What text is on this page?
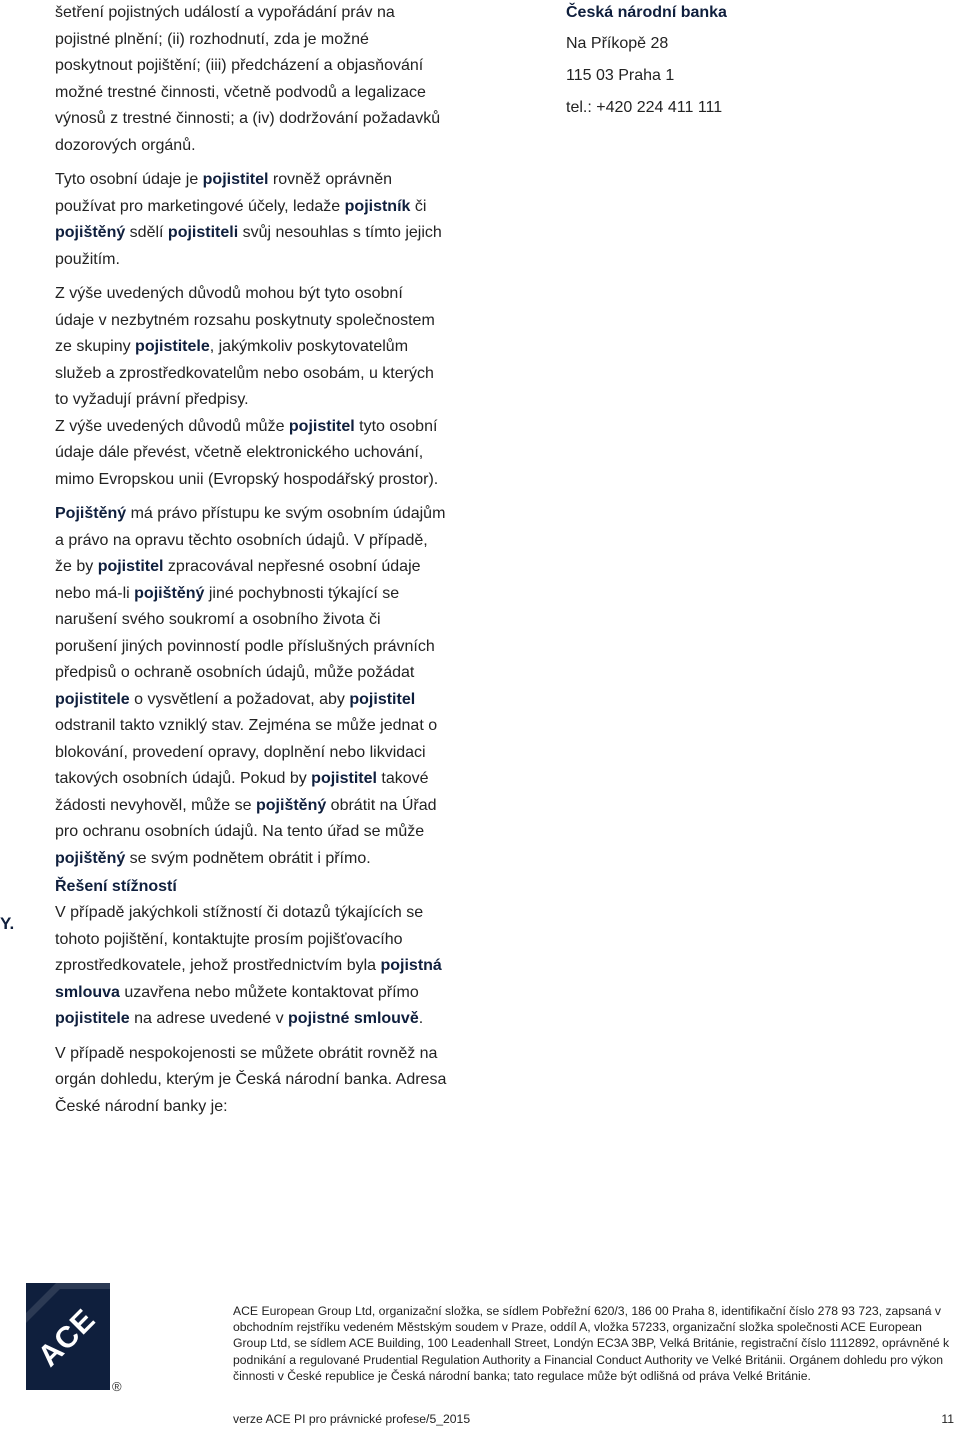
šetření pojistných událostí a vypořádání práv na pojistné plnění; (ii) rozhodnutí, zda je možné poskytnout pojištění; (iii) předcházení a objasňování možné trestné činnosti, včetně podvodů a legalizace výnosů z trestné činnosti; a (iv) dodržování požadavků dozorových orgánů.

Tyto osobní údaje je pojistitel rovněž oprávněn používat pro marketingové účely, ledaže pojistník či pojištěný sdělí pojistiteli svůj nesouhlas s tímto jejich použitím.

Z výše uvedených důvodů mohou být tyto osobní údaje v nezbytném rozsahu poskytnuty společnostem ze skupiny pojistitele, jakýmkoliv poskytovatelům služeb a zprostředkovatelům nebo osobám, u kterých to vyžadují právní předpisy.

Z výše uvedených důvodů může pojistitel tyto osobní údaje dále převést, včetně elektronického uchování, mimo Evropskou unii (Evropský hospodářský prostor).

Pojištěný má právo přístupu ke svým osobním údajům a právo na opravu těchto osobních údajů. V případě, že by pojistitel zpracovával nepřesné osobní údaje nebo má-li pojištěný jiné pochybnosti týkající se narušení svého soukromí a osobního života či porušení jiných povinností podle příslušných právních předpisů o ochraně osobních údajů, může požádat pojistitele o vysvětlení a požadovat, aby pojistitel odstranil takto vzniklý stav. Zejména se může jednat o blokování, provedení opravy, doplnění nebo likvidaci takových osobních údajů. Pokud by pojistitel takové žádosti nevyhověl, může se pojištěný obrátit na Úřad pro ochranu osobních údajů. Na tento úřad se může pojištěný se svým podnětem obrátit i přímo.

Řešení stížností

V případě jakýchkoli stížností či dotazů týkajících se tohoto pojištění, kontaktujte prosím pojišťovacího zprostředkovatele, jehož prostřednictvím byla pojistná smlouva uzavřena nebo můžete kontaktovat přímo pojistitele na adrese uvedené v pojistné smlouvě.

V případě nespokojenosti se můžete obrátit rovněž na orgán dohledu, kterým je Česká národní banka. Adresa České národní banky je:

Y.

Česká národní banka

Na Příkopě 28

115 03 Praha 1

tel.: +420 224 411 111

ACE
®

ACE European Group Ltd, organizační složka, se sídlem Pobřežní 620/3, 186 00 Praha 8, identifikační číslo 278 93 723, zapsaná v obchodním rejstříku vedeném Městským soudem v Praze, oddíl A, vložka 57233, organizační složka společnosti ACE European Group Ltd, se sídlem ACE Building, 100 Leadenhall Street, Londýn EC3A 3BP, Velká Británie, registrační číslo 1112892, oprávněné k podnikání a regulované Prudential Regulation Authority a Financial Conduct Authority ve Velké Británii. Orgánem dohledu pro výkon činnosti v České republice je Česká národní banka; tato regulace může být odlišná od práva Velké Británie.

verze ACE PI pro právnické profese/5_2015	11
